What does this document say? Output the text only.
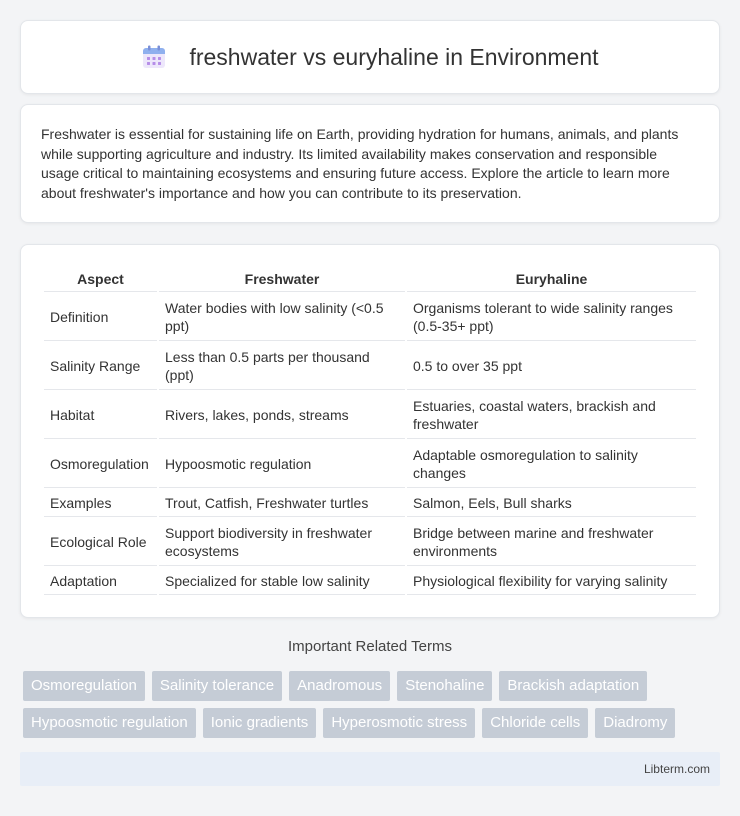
freshwater vs euryhaline in Environment

Freshwater is essential for sustaining life on Earth, providing hydration for humans, animals, and plants while supporting agriculture and industry. Its limited availability makes conservation and responsible usage critical to maintaining ecosystems and ensuring future access. Explore the article to learn more about freshwater's importance and how you can contribute to its preservation.

Aspect	Freshwater	Euryhaline
Definition	Water bodies with low salinity (<0.5 ppt)	Organisms tolerant to wide salinity ranges (0.5-35+ ppt)
Salinity Range	Less than 0.5 parts per thousand (ppt)	0.5 to over 35 ppt
Habitat	Rivers, lakes, ponds, streams	Estuaries, coastal waters, brackish and freshwater
Osmoregulation	Hypoosmotic regulation	Adaptable osmoregulation to salinity changes
Examples	Trout, Catfish, Freshwater turtles	Salmon, Eels, Bull sharks
Ecological Role	Support biodiversity in freshwater ecosystems	Bridge between marine and freshwater environments
Adaptation	Specialized for stable low salinity	Physiological flexibility for varying salinity
Important Related Terms
Osmoregulation	Salinity tolerance	Anadromous	Stenohaline	Brackish adaptation
Hypoosmotic regulation	Ionic gradients	Hyperosmotic stress	Chloride cells	Diadromy
Libterm.com
